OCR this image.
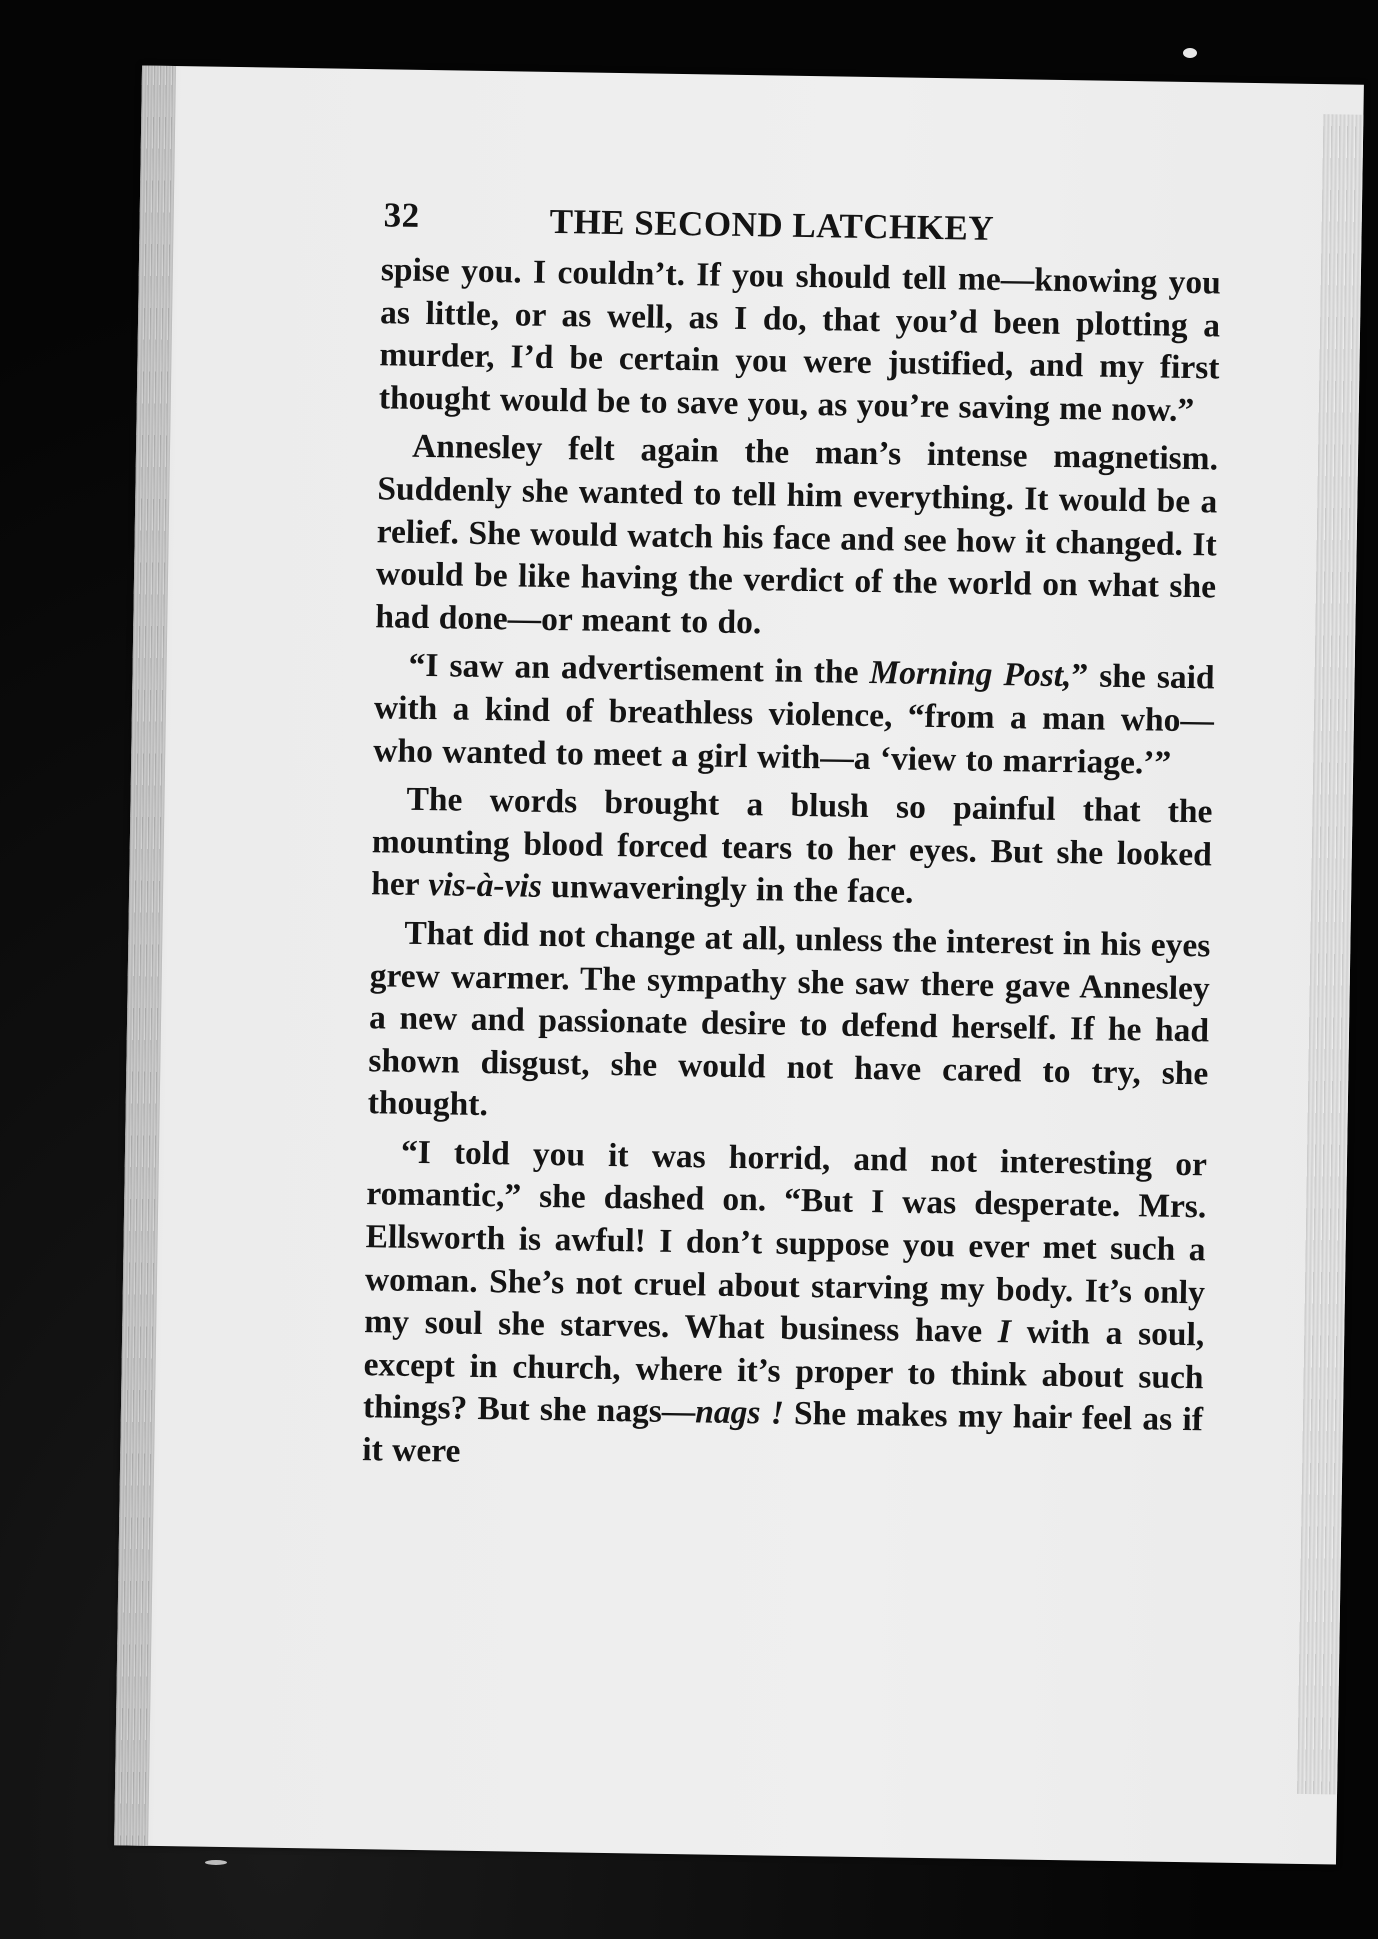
32	THE SECOND LATCHKEY

spise you. I couldn’t. If you should tell me—knowing you as little, or as well, as I do, that you’d been plotting a murder, I’d be certain you were justified, and my first thought would be to save you, as you’re saving me now.”

Annesley felt again the man’s intense magnetism. Suddenly she wanted to tell him everything. It would be a relief. She would watch his face and see how it changed. It would be like having the verdict of the world on what she had done—or meant to do.

“I saw an advertisement in the Morning Post,” she said with a kind of breathless violence, “from a man who—who wanted to meet a girl with—a ‘view to marriage.’”

The words brought a blush so painful that the mounting blood forced tears to her eyes. But she looked her vis-à-vis unwaveringly in the face.

That did not change at all, unless the interest in his eyes grew warmer. The sympathy she saw there gave Annesley a new and passionate desire to defend herself. If he had shown disgust, she would not have cared to try, she thought.

“I told you it was horrid, and not interesting or romantic,” she dashed on. “But I was desperate. Mrs. Ellsworth is awful! I don’t suppose you ever met such a woman. She’s not cruel about starving my body. It’s only my soul she starves. What business have I with a soul, except in church, where it’s proper to think about such things? But she nags—nags ! She makes my hair feel as if it were
